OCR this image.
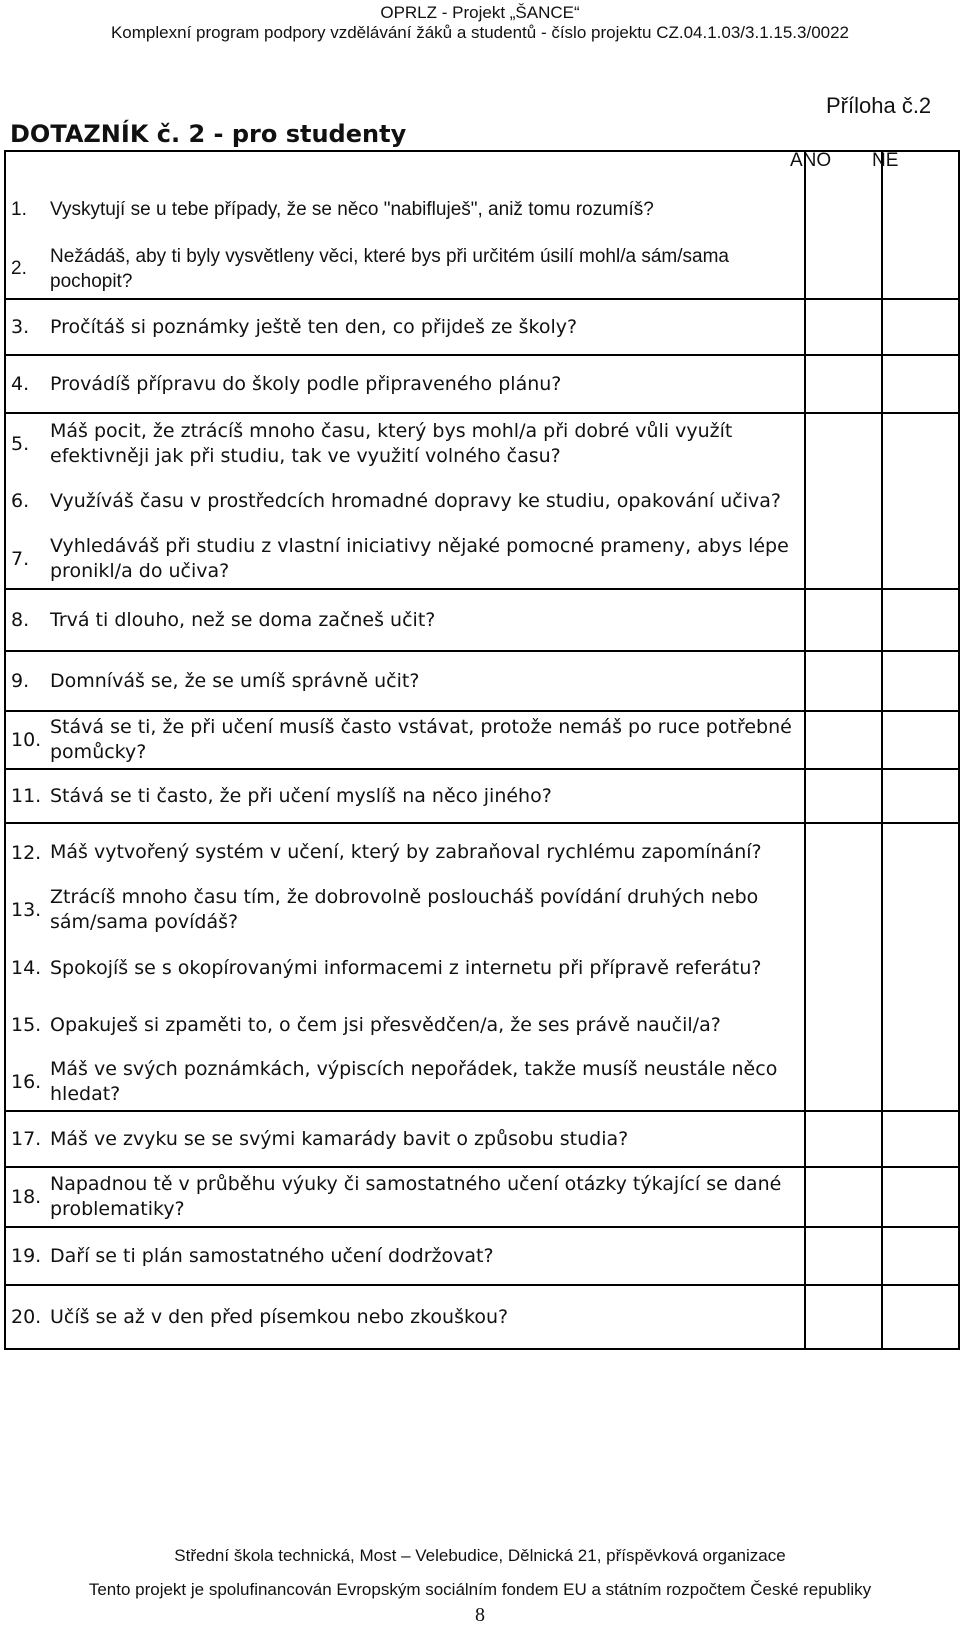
OPRLZ - Projekt „ŠANCE“
Komplexní program podpory vzdělávání žáků a studentů - číslo projektu CZ.04.1.03/3.1.15.3/0022
DOTAZNÍK č. 2 - pro studenty
Příloha č.2
ANO NE
1.	Vyskytují se u tebe případy, že se něco "nabifluješ", aniž tomu rozumíš?		
2.	Nežádáš, aby ti byly vysvětleny věci, které bys při určitém úsilí mohl/a sám/sama pochopit?		
3.	Pročítáš si poznámky ještě ten den, co přijdeš ze školy?		
4.	Provádíš přípravu do školy podle připraveného plánu?		
5.	Máš pocit, že ztrácíš mnoho času, který bys mohl/a při dobré vůli využít efektivněji jak při studiu, tak ve využití volného času?		
6.	Využíváš času v prostředcích hromadné dopravy ke studiu, opakování učiva?		
7.	Vyhledáváš při studiu z vlastní iniciativy nějaké pomocné prameny, abys lépe pronikl/a do učiva?		
8.	Trvá ti dlouho, než se doma začneš učit?		
9.	Domníváš se, že se umíš správně učit?		
10.	Stává se ti, že při učení musíš často vstávat, protože nemáš po ruce potřebné pomůcky?		
11.	Stává se ti často, že při učení myslíš na něco jiného?		
12.	Máš vytvořený systém v učení, který by zabraňoval rychlému zapomínání?		
13.	Ztrácíš mnoho času tím, že dobrovolně posloucháš povídání druhých nebo sám/sama povídáš?		
14.	Spokojíš se s okopírovanými informacemi z internetu při přípravě referátu?		
15.	Opakuješ si zpaměti to, o čem jsi přesvědčen/a, že ses právě naučil/a?		
16.	Máš ve svých poznámkách, výpiscích nepořádek, takže musíš neustále něco hledat?		
17.	Máš ve zvyku se se svými kamarády bavit o způsobu studia?		
18.	Napadnou tě v průběhu výuky či samostatného učení otázky týkající se dané problematiky?		
19.	Daří se ti plán samostatného učení dodržovat?		
20.	Učíš se až v den před písemkou nebo zkouškou?		
Střední škola technická, Most – Velebudice, Dělnická 21, příspěvková organizace
Tento projekt je spolufinancován Evropským sociálním fondem EU a státním rozpočtem České republiky
8
